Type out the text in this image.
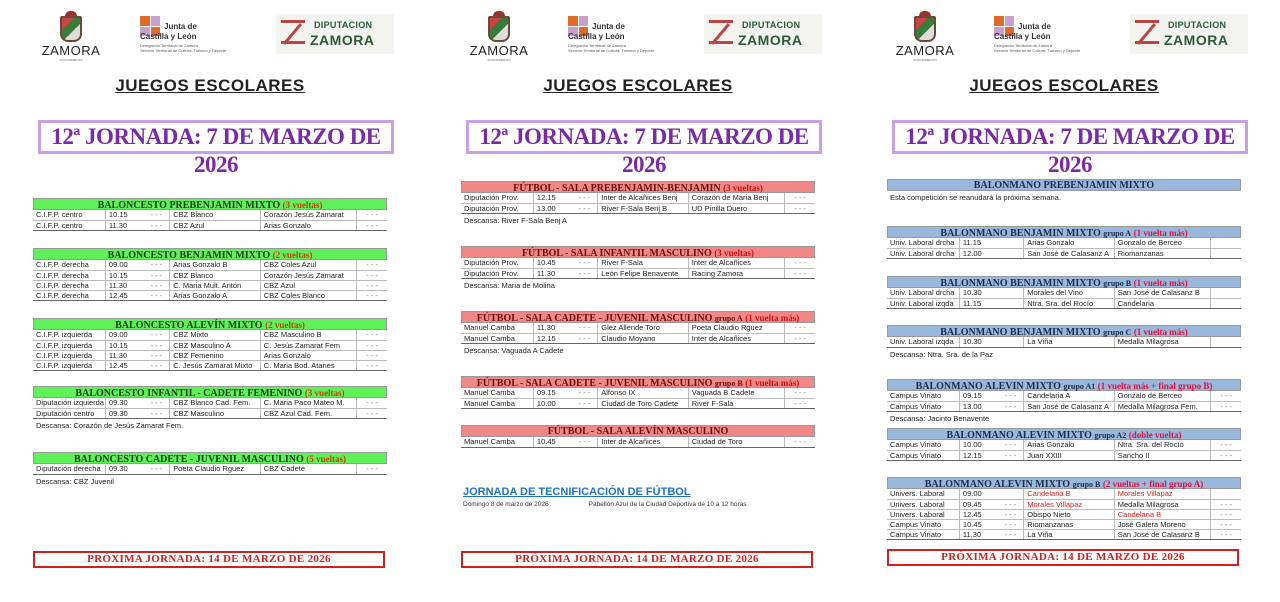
ZAMORA
AYUNTAMIENTO
Junta de
Castilla y León
Delegación Territorial de Zamora
Servicio Territorial de Cultura, Turismo y Deporte
DIPUTACION
ZAMORA
JUEGOS ESCOLARES
12ª JORNADA: 7 DE MARZO DE 2026
BALONCESTO PREBENJAMIN MIXTO (3 vueltas)
C.I.F.P. centro	10.15	- - -	CBZ Blanco	Corazón Jesús Zamarat	- - -
C.I.F.P. centro	11.30	- - -	CBZ Azul	Arias Gonzalo	- - -
BALONCESTO BENJAMIN MIXTO (2 vueltas)
C.I.F.P. derecha	09.00	- - -	Arias Gonzalo B	CBZ Coles Azul	- - -
C.I.F.P. derecha	10.15	- - -	CBZ Blanco	Corazón Jesús Zamarat	- - -
C.I.F.P. derecha	11.30	- - -	C. Maria Mult. Antón	CBZ Azul	- - -
C.I.F.P. derecha	12.45	- - -	Arias Gonzalo A	CBZ Coles Blanco	- - -
BALONCESTO ALEVÍN MIXTO (2 vueltas)
C.I.F.P. izquierda	09.00	- - -	CBZ Mixto	CBZ Masculino B	- - -
C.I.F.P. izquierda	10.15	- - -	CBZ Masculino A	C. Jesús Zamarat Fem	- - -
C.I.F.P. izquierda	11.30	- - -	CBZ Femenino	Arias Gonzalo	- - -
C.I.F.P. izquierda	12.45	- - -	C. Jesús Zamarat Mixto	C. Maria Bod. Atanes	- - -
BALONCESTO INFANTIL - CADETE FEMENINO (3 vueltas)
Diputación izquierda	09.30	- - -	CBZ Blanco Cad. Fem.	C. Maria Paco Mateo M.	- - -
Diputación centro	09.30	- - -	CBZ Masculino	CBZ Azul Cad. Fem.	- - -
Descansa: Corazón de Jesús Zamarat Fem.
BALONCESTO CADETE - JUVENIL MASCULINO (5 vueltas)
Diputación derecha	09.30	- - -	Poeta Claudio Rguez	CBZ Cadete	- - -
Descansa: CBZ Juvenil
PRÓXIMA JORNADA: 14 DE MARZO DE 2026
ZAMORA
AYUNTAMIENTO
Junta de
Castilla y León
Delegación Territorial de Zamora
Servicio Territorial de Cultura, Turismo y Deporte
DIPUTACION
ZAMORA
JUEGOS ESCOLARES
12ª JORNADA: 7 DE MARZO DE 2026
FÚTBOL - SALA PREBENJAMIN-BENJAMIN (3 vueltas)
Diputación Prov.	12.15	- - -	Inter de Alcañices Benj	Corazón de Maria Benj	- - -
Diputación Prov.	13.00	- - -	River F-Sala Benj B	UD Pinilla Duero	- - -
Descansa: River F-Sala Benj A
FÚTBOL - SALA INFANTIL MASCULINO (3 vueltas)
Diputación Prov.	10.45	- - -	River F-Sala	Inter de Alcañices	- - -
Diputación Prov.	11.30	- - -	León Felipe Benavente	Racing Zamora	- - -
Descansa: Maria de Molina
FÚTBOL - SALA CADETE - JUVENIL MASCULINO grupo A (1 vuelta más)
Manuel Camba	11.30	- - -	Glez Allende Toro	Poeta Claudio Rguez	- - -
Manuel Camba	12.15	- - -	Claudio Moyano	Inter de Alcañices	- - -
Descansa: Vaguada A Cadete
FÚTBOL - SALA CADETE - JUVENIL MASCULINO grupo B (1 vuelta más)
Manuel Camba	09.15	- - -	Alfonso IX	Vaguada B Cadete	- - -
Manuel Camba	10.00	- - -	Ciudad de Toro Cadete	River F-Sala	- - -
FÚTBOL - SALA ALEVÍN MASCULINO
Manuel Camba	10.45	- - -	Inter de Alcañices	Ciudad de Toro	- - -
JORNADA DE TECNIFICACIÓN DE FÚTBOL
Domingo 8 de marzo de 2026	Pabellón Azul de la Ciudad Deportiva de 10 a 12 horas
PRÓXIMA JORNADA: 14 DE MARZO DE 2026
ZAMORA
AYUNTAMIENTO
Junta de
Castilla y León
Delegación Territorial de Zamora
Servicio Territorial de Cultura, Turismo y Deporte
DIPUTACION
ZAMORA
JUEGOS ESCOLARES
12ª JORNADA: 7 DE MARZO DE 2026
BALONMANO PREBENJAMIN MIXTO
Esta competición se reanudará la próxima semana.
BALONMANO BENJAMIN MIXTO grupo A (1 vuelta más)
Univ. Laboral drcha	11.15		Arias Gonzalo	Gonzalo de Berceo	
Univ. Laboral drcha	12.00		San José de Calasanz A	Riomanzanas	
BALONMANO BENJAMIN MIXTO grupo B (1 vuelta más)
Univ. Laboral drcha	10.30		Morales del Vino	San José de Calasanz B	
Univ. Laboral izqda	11.15		Ntra. Sra. del Rocío	Candelaria	
BALONMANO BENJAMIN MIXTO grupo C (1 vuelta más)
Univ. Laboral izqda	10.30		La Viña	Medalla Milagrosa	
Descansa: Ntra. Sra. de la Paz
BALONMANO ALEVIN MIXTO grupo A1 (1 vuelta más + final grupo B)
Campus Viriato	09.15	- - -	Candelaria A	Gonzalo de Berceo	- - -
Campus Viriato	13.00	- - -	San José de Calasanz A	Medalla Milagrosa Fem.	- - -
Descansa: Jacinto Benavente
BALONMANO ALEVIN MIXTO grupo A2 (doble vuelta)
Campus Viriato	10.00	- - -	Arias Gonzalo	Ntra. Sra. del Rocío	- - -
Campus Viriato	12.15	- - -	Juan XXIII	Sancho II	- - -
BALONMANO ALEVIN MIXTO grupo B (2 vueltas + final grupo A)
Univers. Laboral	09.00		Candelaria B	Morales Villapaz	
Univers. Laboral	09.45	- - -	Morales Villapaz	Medalla Milagrosa	- - -
Univers. Laboral	12.45	- - -	Obispo Nieto	Candelaria B	- - -
Campus Viriato	10.45	- - -	Riomanzanas	José Galera Moreno	- - -
Campus Viriato	11.30	- - -	La Viña	San José de Calasanz B	- - -
PRÓXIMA JORNADA: 14 DE MARZO DE 2026
